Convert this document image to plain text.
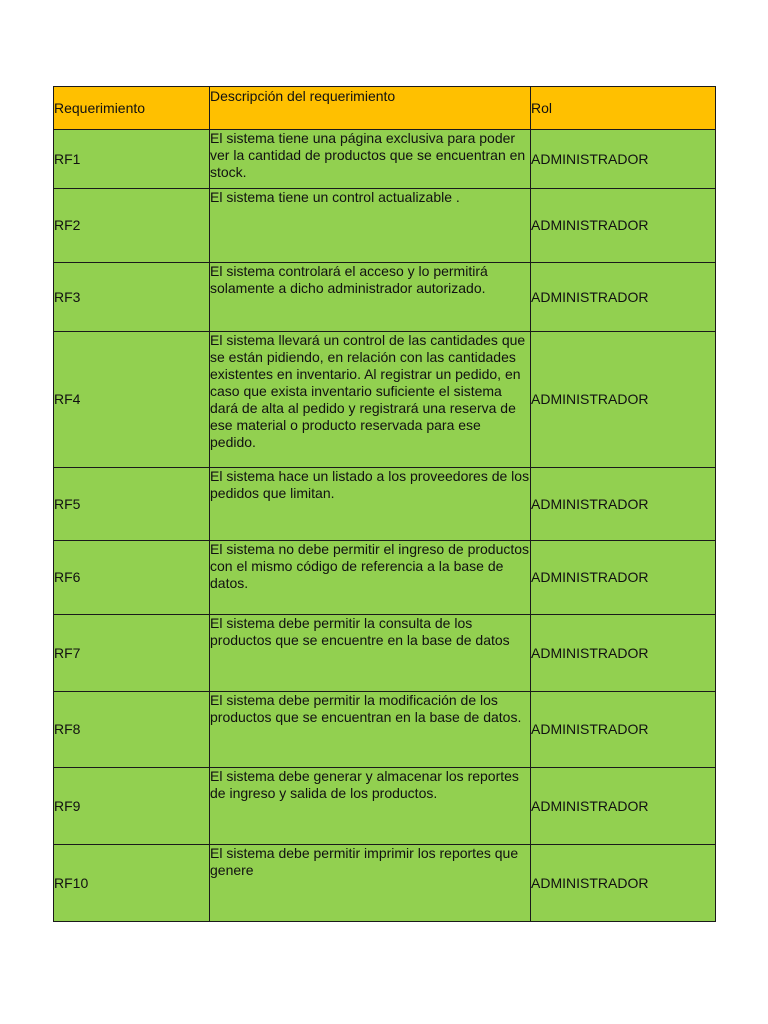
Requerimiento	Descripción del requerimiento	Rol
RF1	El sistema tiene una página exclusiva para poder ver la cantidad de productos que se encuentran en stock.	ADMINISTRADOR
RF2	El sistema tiene un control actualizable .	ADMINISTRADOR
RF3	El sistema controlará el acceso y lo permitirá solamente a dicho administrador autorizado.	ADMINISTRADOR
RF4	El sistema llevará un control de las cantidades que se están pidiendo, en relación con las cantidades existentes en inventario. Al registrar un pedido, en caso que exista inventario suficiente el sistema dará de alta al pedido y registrará una reserva de ese material o producto reservada para ese pedido.	ADMINISTRADOR
RF5	El sistema hace un listado a los proveedores de los pedidos que limitan.	ADMINISTRADOR
RF6	El sistema no debe permitir el ingreso de productos con el mismo código de referencia a la base de datos.	ADMINISTRADOR
RF7	El sistema debe permitir la consulta de los productos que se encuentre en la base de datos	ADMINISTRADOR
RF8	El sistema debe permitir la modificación de los productos que se encuentran en la base de datos.	ADMINISTRADOR
RF9	El sistema debe generar y almacenar los reportes de ingreso y salida de los productos.	ADMINISTRADOR
RF10	El sistema debe permitir imprimir los reportes que genere	ADMINISTRADOR
